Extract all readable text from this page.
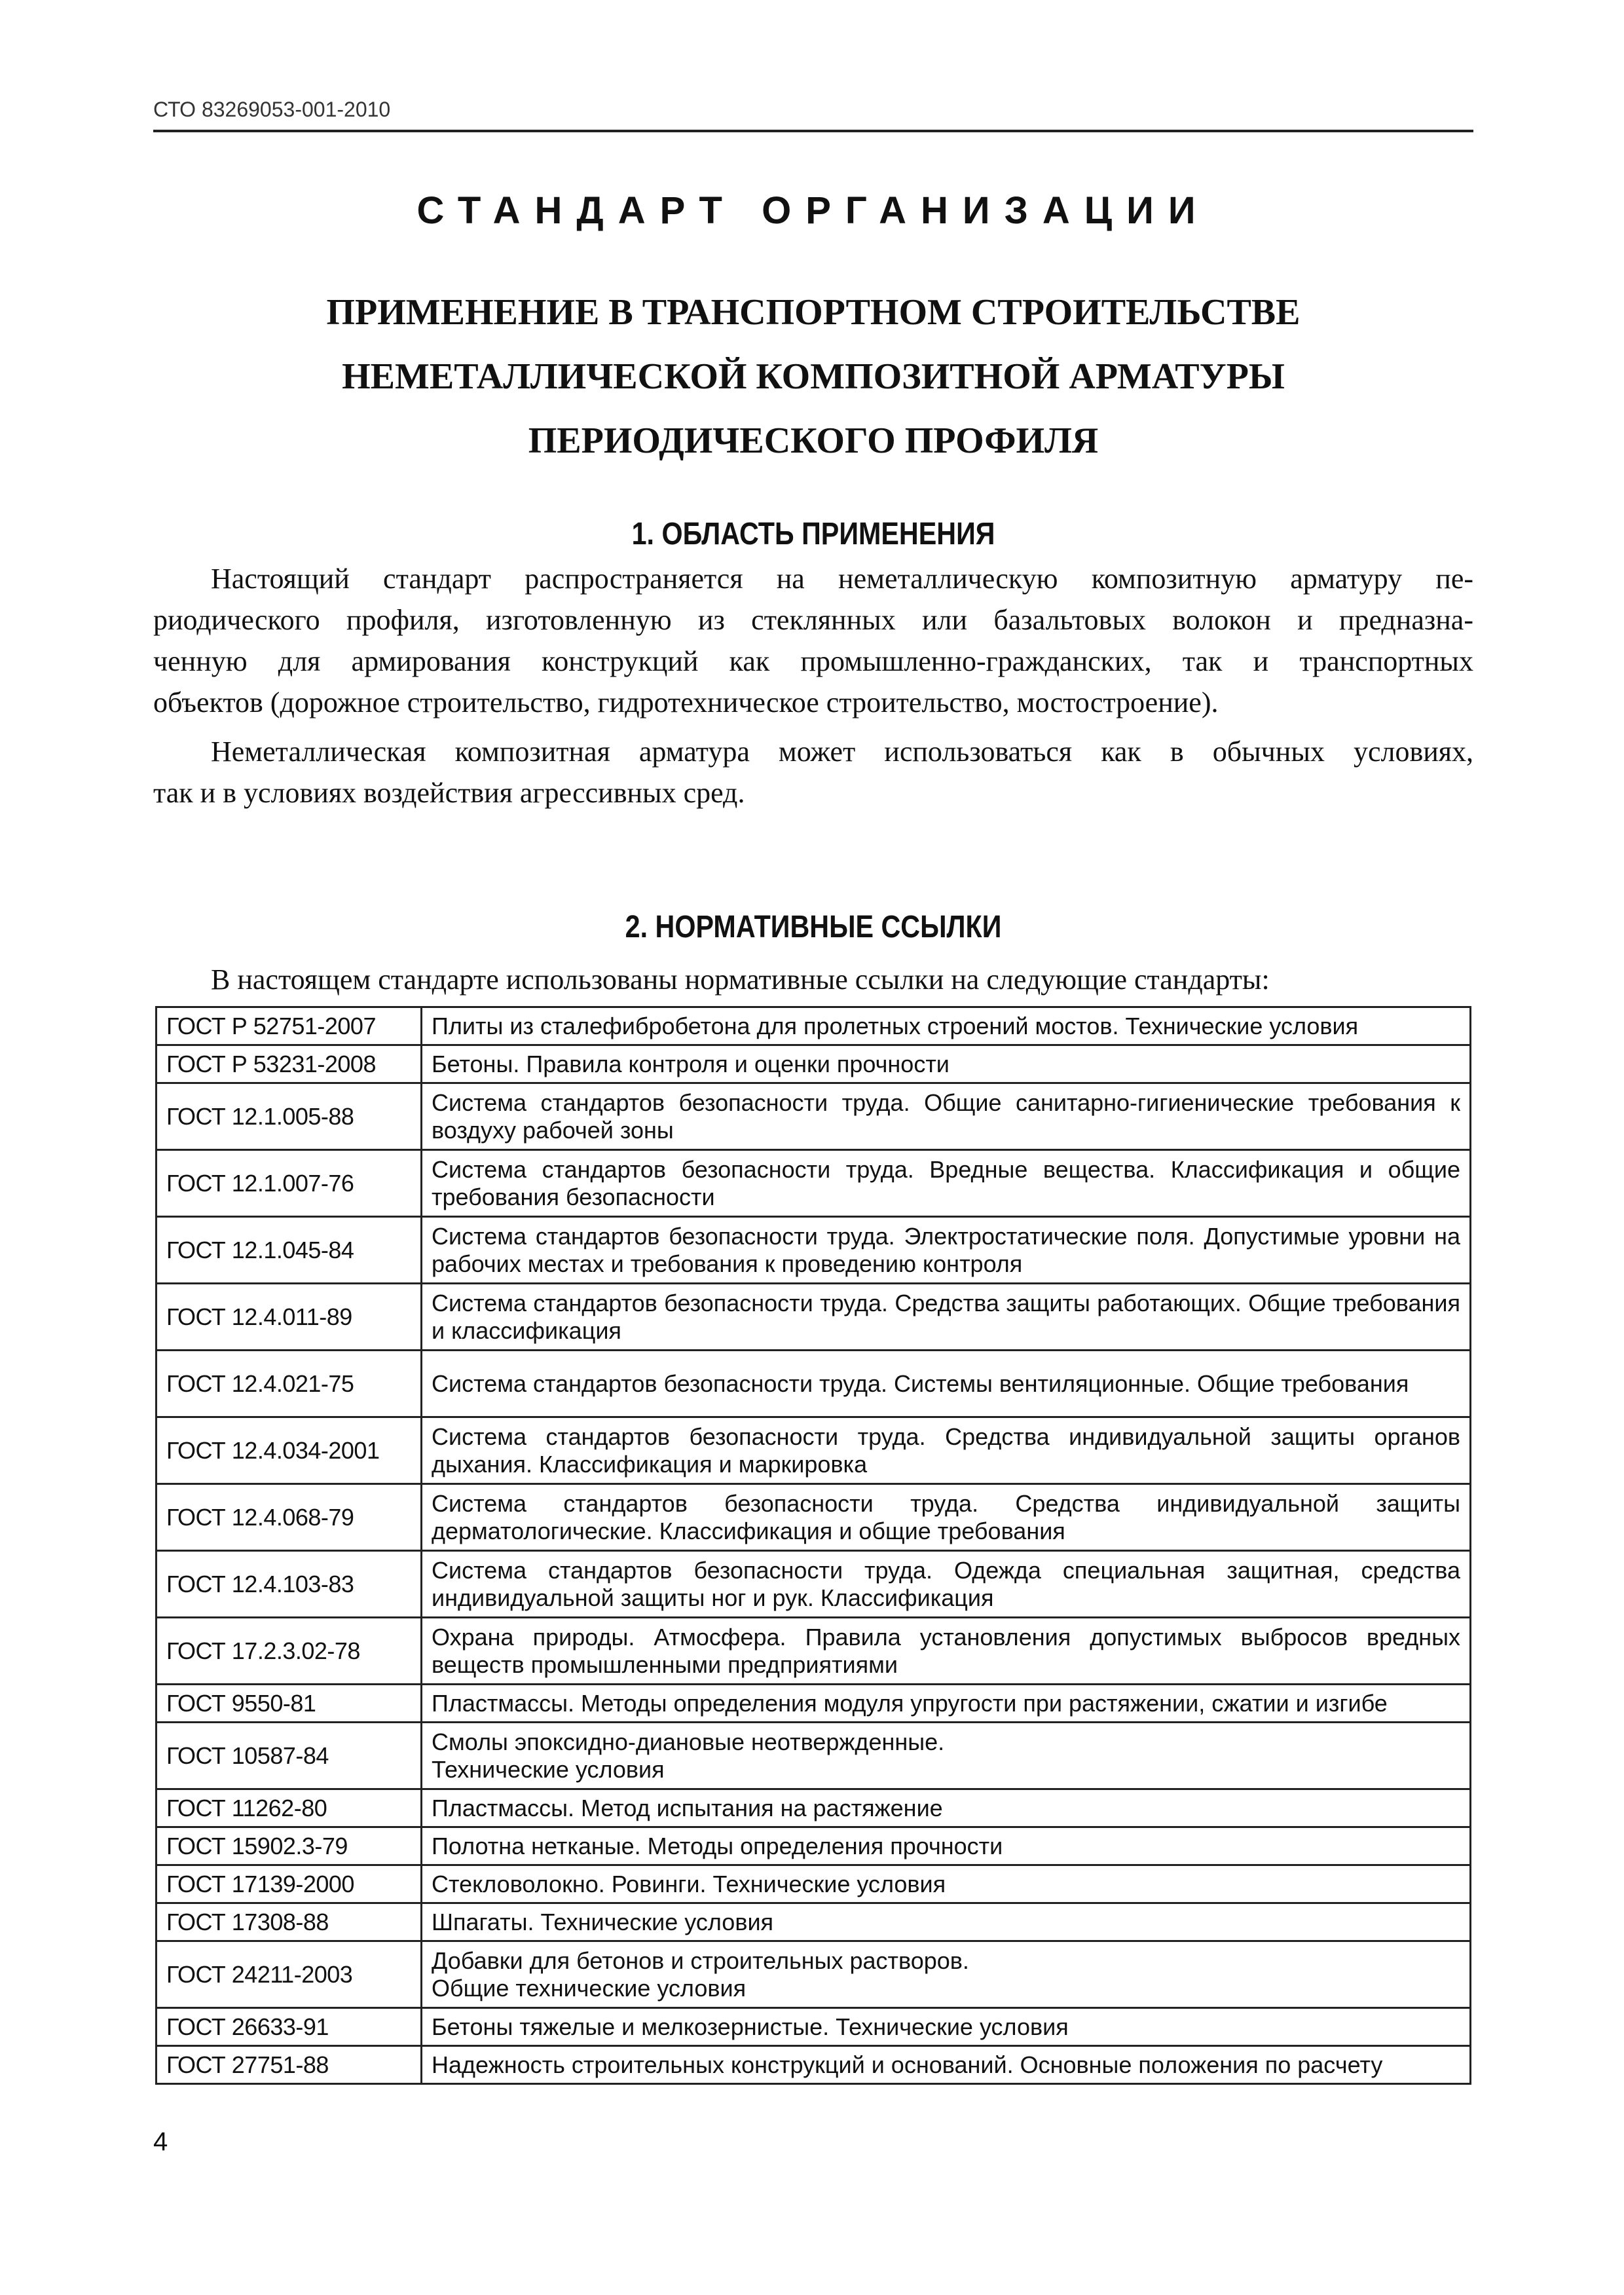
СТО 83269053-001-2010
СТАНДАРТ ОРГАНИЗАЦИИ
ПРИМЕНЕНИЕ В ТРАНСПОРТНОМ СТРОИТЕЛЬСТВЕ
НЕМЕТАЛЛИЧЕСКОЙ КОМПОЗИТНОЙ АРМАТУРЫ
ПЕРИОДИЧЕСКОГО ПРОФИЛЯ
1. ОБЛАСТЬ ПРИМЕНЕНИЯ

Настоящий стандарт распространяется на неметаллическую композитную арматуру пе-
риодического профиля, изготовленную из стеклянных или базальтовых волокон и предназна-
ченную для армирования конструкций как промышленно-гражданских, так и транспортных
объектов (дорожное строительство, гидротехническое строительство, мостостроение).

Неметаллическая композитная арматура может использоваться как в обычных условиях,
так и в условиях воздействия агрессивных сред.

2. НОРМАТИВНЫЕ ССЫЛКИ
В настоящем стандарте использованы нормативные ссылки на следующие стандарты:
ГОСТ Р 52751-2007	Плиты из сталефибробетона для пролетных строений мостов. Технические условия
ГОСТ Р 53231-2008	Бетоны. Правила контроля и оценки прочности
ГОСТ 12.1.005-88	Система стандартов безопасности труда. Общие санитарно-гигиенические требования к воздуху рабочей зоны
ГОСТ 12.1.007-76	Система стандартов безопасности труда. Вредные вещества. Классификация и общие требования безопасности
ГОСТ 12.1.045-84	Система стандартов безопасности труда. Электростатические поля. Допустимые уровни на рабочих местах и требования к проведению контроля
ГОСТ 12.4.011-89	Система стандартов безопасности труда. Средства защиты работающих. Общие требования и классификация
ГОСТ 12.4.021-75	Система стандартов безопасности труда. Системы вентиляционные. Общие требования
ГОСТ 12.4.034-2001	Система стандартов безопасности труда. Средства индивидуальной защиты органов дыхания. Классификация и маркировка
ГОСТ 12.4.068-79	Система стандартов безопасности труда. Средства индивидуальной защиты дерматологические. Классификация и общие требования
ГОСТ 12.4.103-83	Система стандартов безопасности труда. Одежда специальная защитная, средства индивидуальной защиты ног и рук. Классификация
ГОСТ 17.2.3.02-78	Охрана природы. Атмосфера. Правила установления допустимых выбросов вредных веществ промышленными предприятиями
ГОСТ 9550-81	Пластмассы. Методы определения модуля упругости при растяжении, сжатии и изгибе
ГОСТ 10587-84	Смолы эпоксидно-диановые неотвержденные.
Технические условия
ГОСТ 11262-80	Пластмассы. Метод испытания на растяжение
ГОСТ 15902.3-79	Полотна нетканые. Методы определения прочности
ГОСТ 17139-2000	Стекловолокно. Ровинги. Технические условия
ГОСТ 17308-88	Шпагаты. Технические условия
ГОСТ 24211-2003	Добавки для бетонов и строительных растворов.
Общие технические условия
ГОСТ 26633-91	Бетоны тяжелые и мелкозернистые. Технические условия
ГОСТ 27751-88	Надежность строительных конструкций и оснований. Основные положения по расчету
4
